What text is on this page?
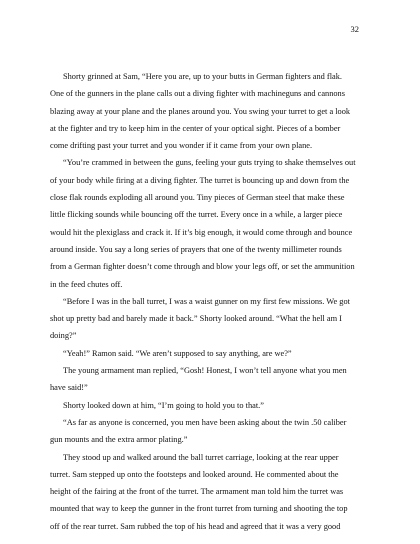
32

Shorty grinned at Sam, “Here you are, up to your butts in German fighters and flak. One of the gunners in the plane calls out a diving fighter with machineguns and cannons blazing away at your plane and the planes around you. You swing your turret to get a look at the fighter and try to keep him in the center of your optical sight. Pieces of a bomber come drifting past your turret and you wonder if it came from your own plane.

“You’re crammed in between the guns, feeling your guts trying to shake themselves out of your body while firing at a diving fighter. The turret is bouncing up and down from the close flak rounds exploding all around you. Tiny pieces of German steel that make these little flicking sounds while bouncing off the turret. Every once in a while, a larger piece would hit the plexiglass and crack it. If it’s big enough, it would come through and bounce around inside. You say a long series of prayers that one of the twenty millimeter rounds from a German fighter doesn’t come through and blow your legs off, or set the ammunition in the feed chutes off.

“Before I was in the ball turret, I was a waist gunner on my first few missions. We got shot up pretty bad and barely made it back.” Shorty looked around. “What the hell am I doing?”

“Yeah!” Ramon said. “We aren’t supposed to say anything, are we?”

The young armament man replied, “Gosh! Honest, I won’t tell anyone what you men have said!”

Shorty looked down at him, “I’m going to hold you to that.”

“As far as anyone is concerned, you men have been asking about the twin .50 caliber gun mounts and the extra armor plating.”

They stood up and walked around the ball turret carriage, looking at the rear upper turret. Sam stepped up onto the footsteps and looked around. He commented about the height of the fairing at the front of the turret. The armament man told him the turret was mounted that way to keep the gunner in the front turret from turning and shooting the top off of the rear turret. Sam rubbed the top of his head and agreed that it was a very good
